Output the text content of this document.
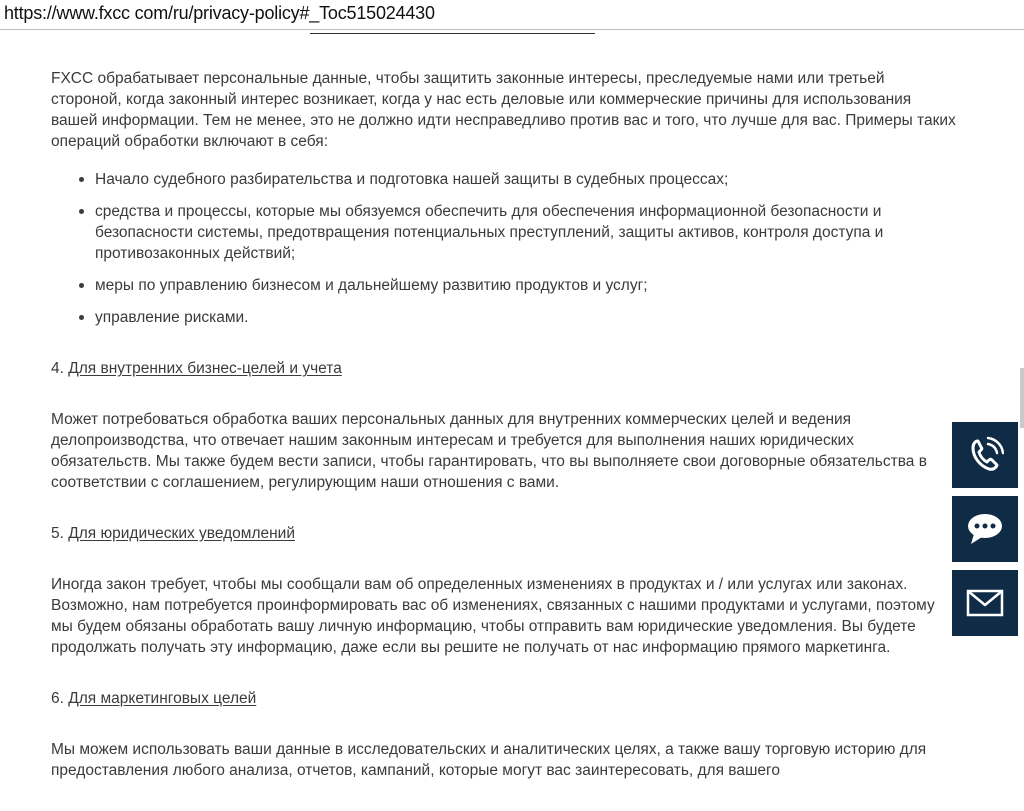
https://www.fxcc com/ru/privacy-policy#_Toc515024430

FXCC обрабатывает персональные данные, чтобы защитить законные интересы, преследуемые нами или третьей стороной, когда законный интерес возникает, когда у нас есть деловые или коммерческие причины для использования вашей информации. Тем не менее, это не должно идти несправедливо против вас и того, что лучше для вас. Примеры таких операций обработки включают в себя:

Начало судебного разбирательства и подготовка нашей защиты в судебных процессах;
средства и процессы, которые мы обязуемся обеспечить для обеспечения информационной безопасности и безопасности системы, предотвращения потенциальных преступлений, защиты активов, контроля доступа и противозаконных действий;
меры по управлению бизнесом и дальнейшему развитию продуктов и услуг;
управление рисками.
4. Для внутренних бизнес-целей и учета

Может потребоваться обработка ваших персональных данных для внутренних коммерческих целей и ведения делопроизводства, что отвечает нашим законным интересам и требуется для выполнения наших юридических обязательств. Мы также будем вести записи, чтобы гарантировать, что вы выполняете свои договорные обязательства в соответствии с соглашением, регулирующим наши отношения с вами.

5. Для юридических уведомлений

Иногда закон требует, чтобы мы сообщали вам об определенных изменениях в продуктах и / или услугах или законах. Возможно, нам потребуется проинформировать вас об изменениях, связанных с нашими продуктами и услугами, поэтому мы будем обязаны обработать вашу личную информацию, чтобы отправить вам юридические уведомления. Вы будете продолжать получать эту информацию, даже если вы решите не получать от нас информацию прямого маркетинга.

6. Для маркетинговых целей

Мы можем использовать ваши данные в исследовательских и аналитических целях, а также вашу торговую историю для предоставления любого анализа, отчетов, кампаний, которые могут вас заинтересовать, для вашего
